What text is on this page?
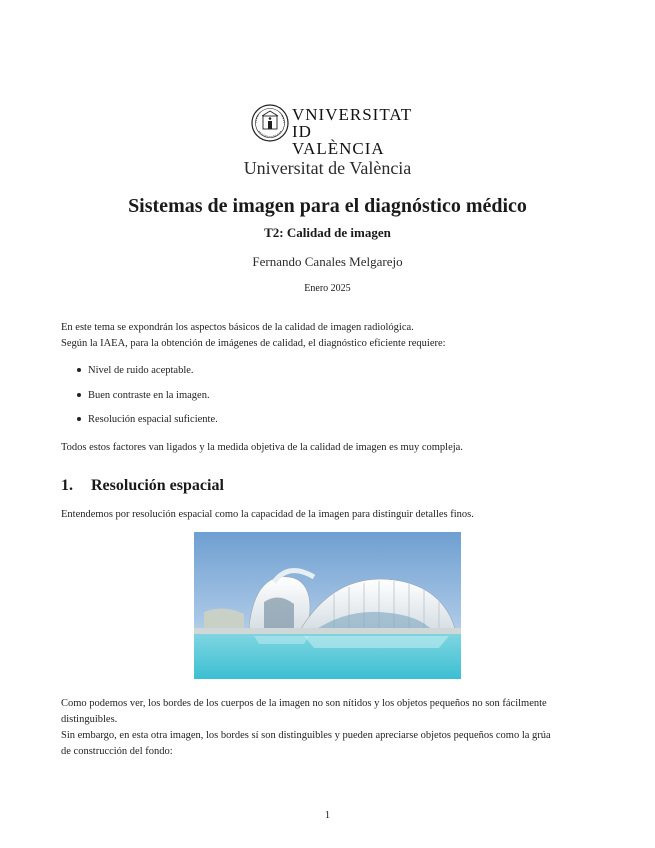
VNIVERSITAT
ID VALÈNCIA
Universitat de València
Sistemas de imagen para el diagnóstico médico
T2: Calidad de imagen
Fernando Canales Melgarejo
Enero 2025
En este tema se expondrán los aspectos básicos de la calidad de imagen radiológica.
Según la IAEA, para la obtención de imágenes de calidad, el diagnóstico eficiente requiere:
Nivel de ruido aceptable.
Buen contraste en la imagen.
Resolución espacial suficiente.
Todos estos factores van ligados y la medida objetiva de la calidad de imagen es muy compleja.
1. Resolución espacial
Entendemos por resolución espacial como la capacidad de la imagen para distinguir detalles finos.
Como podemos ver, los bordes de los cuerpos de la imagen no son nítidos y los objetos pequeños no son fácilmente
distinguibles.
Sin embargo, en esta otra imagen, los bordes sí son distinguibles y pueden apreciarse objetos pequeños como la grúa
de construcción del fondo:
1
